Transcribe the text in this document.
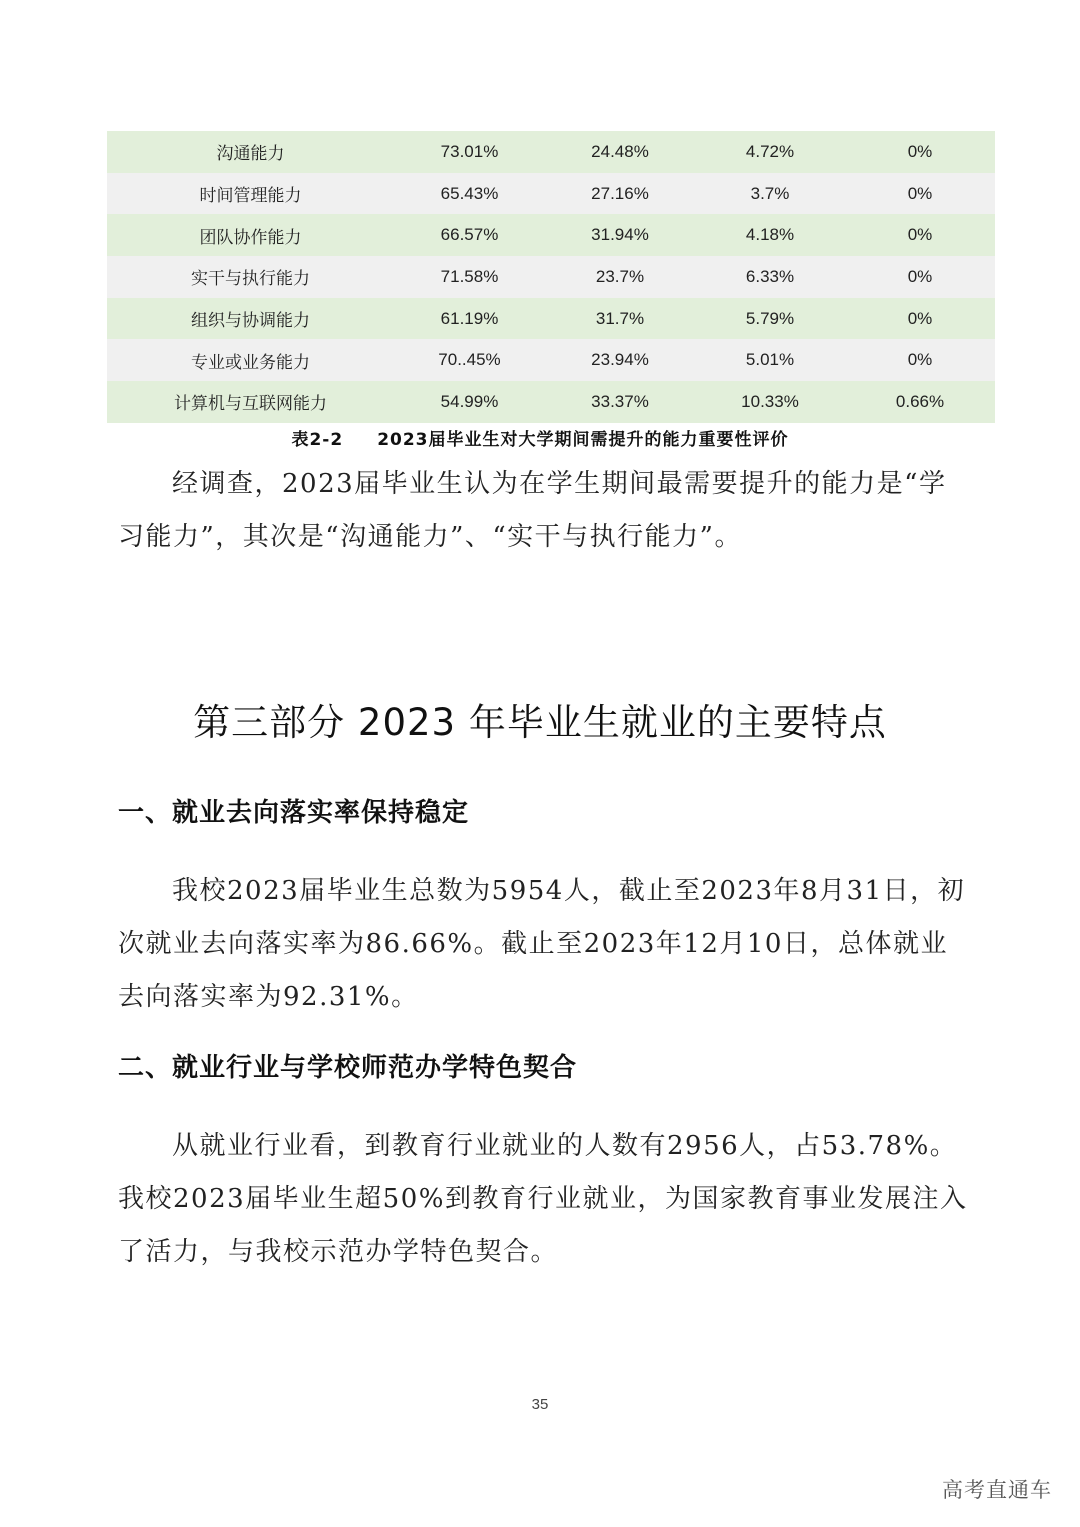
沟通能力	73.01%	24.48%	4.72%	0%
时间管理能力	65.43%	27.16%	3.7%	0%
团队协作能力	66.57%	31.94%	4.18%	0%
实干与执行能力	71.58%	23.7%	6.33%	0%
组织与协调能力	61.19%	31.7%	5.79%	0%
专业或业务能力	70..45%	23.94%	5.01%	0%
计算机与互联网能力	54.99%	33.37%	10.33%	0.66%
表2-2 2023届毕业生对大学期间需提升的能力重要性评价

经调查，2023届毕业生认为在学生期间最需要提升的能力是“学习能力”，其次是“沟通能力”、“实干与执行能力”。

第三部分 2023 年毕业生就业的主要特点
一、就业去向落实率保持稳定

我校2023届毕业生总数为5954人，截止至2023年8月31日，初次就业去向落实率为86.66%。截止至2023年12月10日，总体就业去向落实率为92.31%。

二、就业行业与学校师范办学特色契合

从就业行业看，到教育行业就业的人数有2956人，占53.78%。我校2023届毕业生超50%到教育行业就业，为国家教育事业发展注入了活力，与我校示范办学特色契合。

35
高考直通车
